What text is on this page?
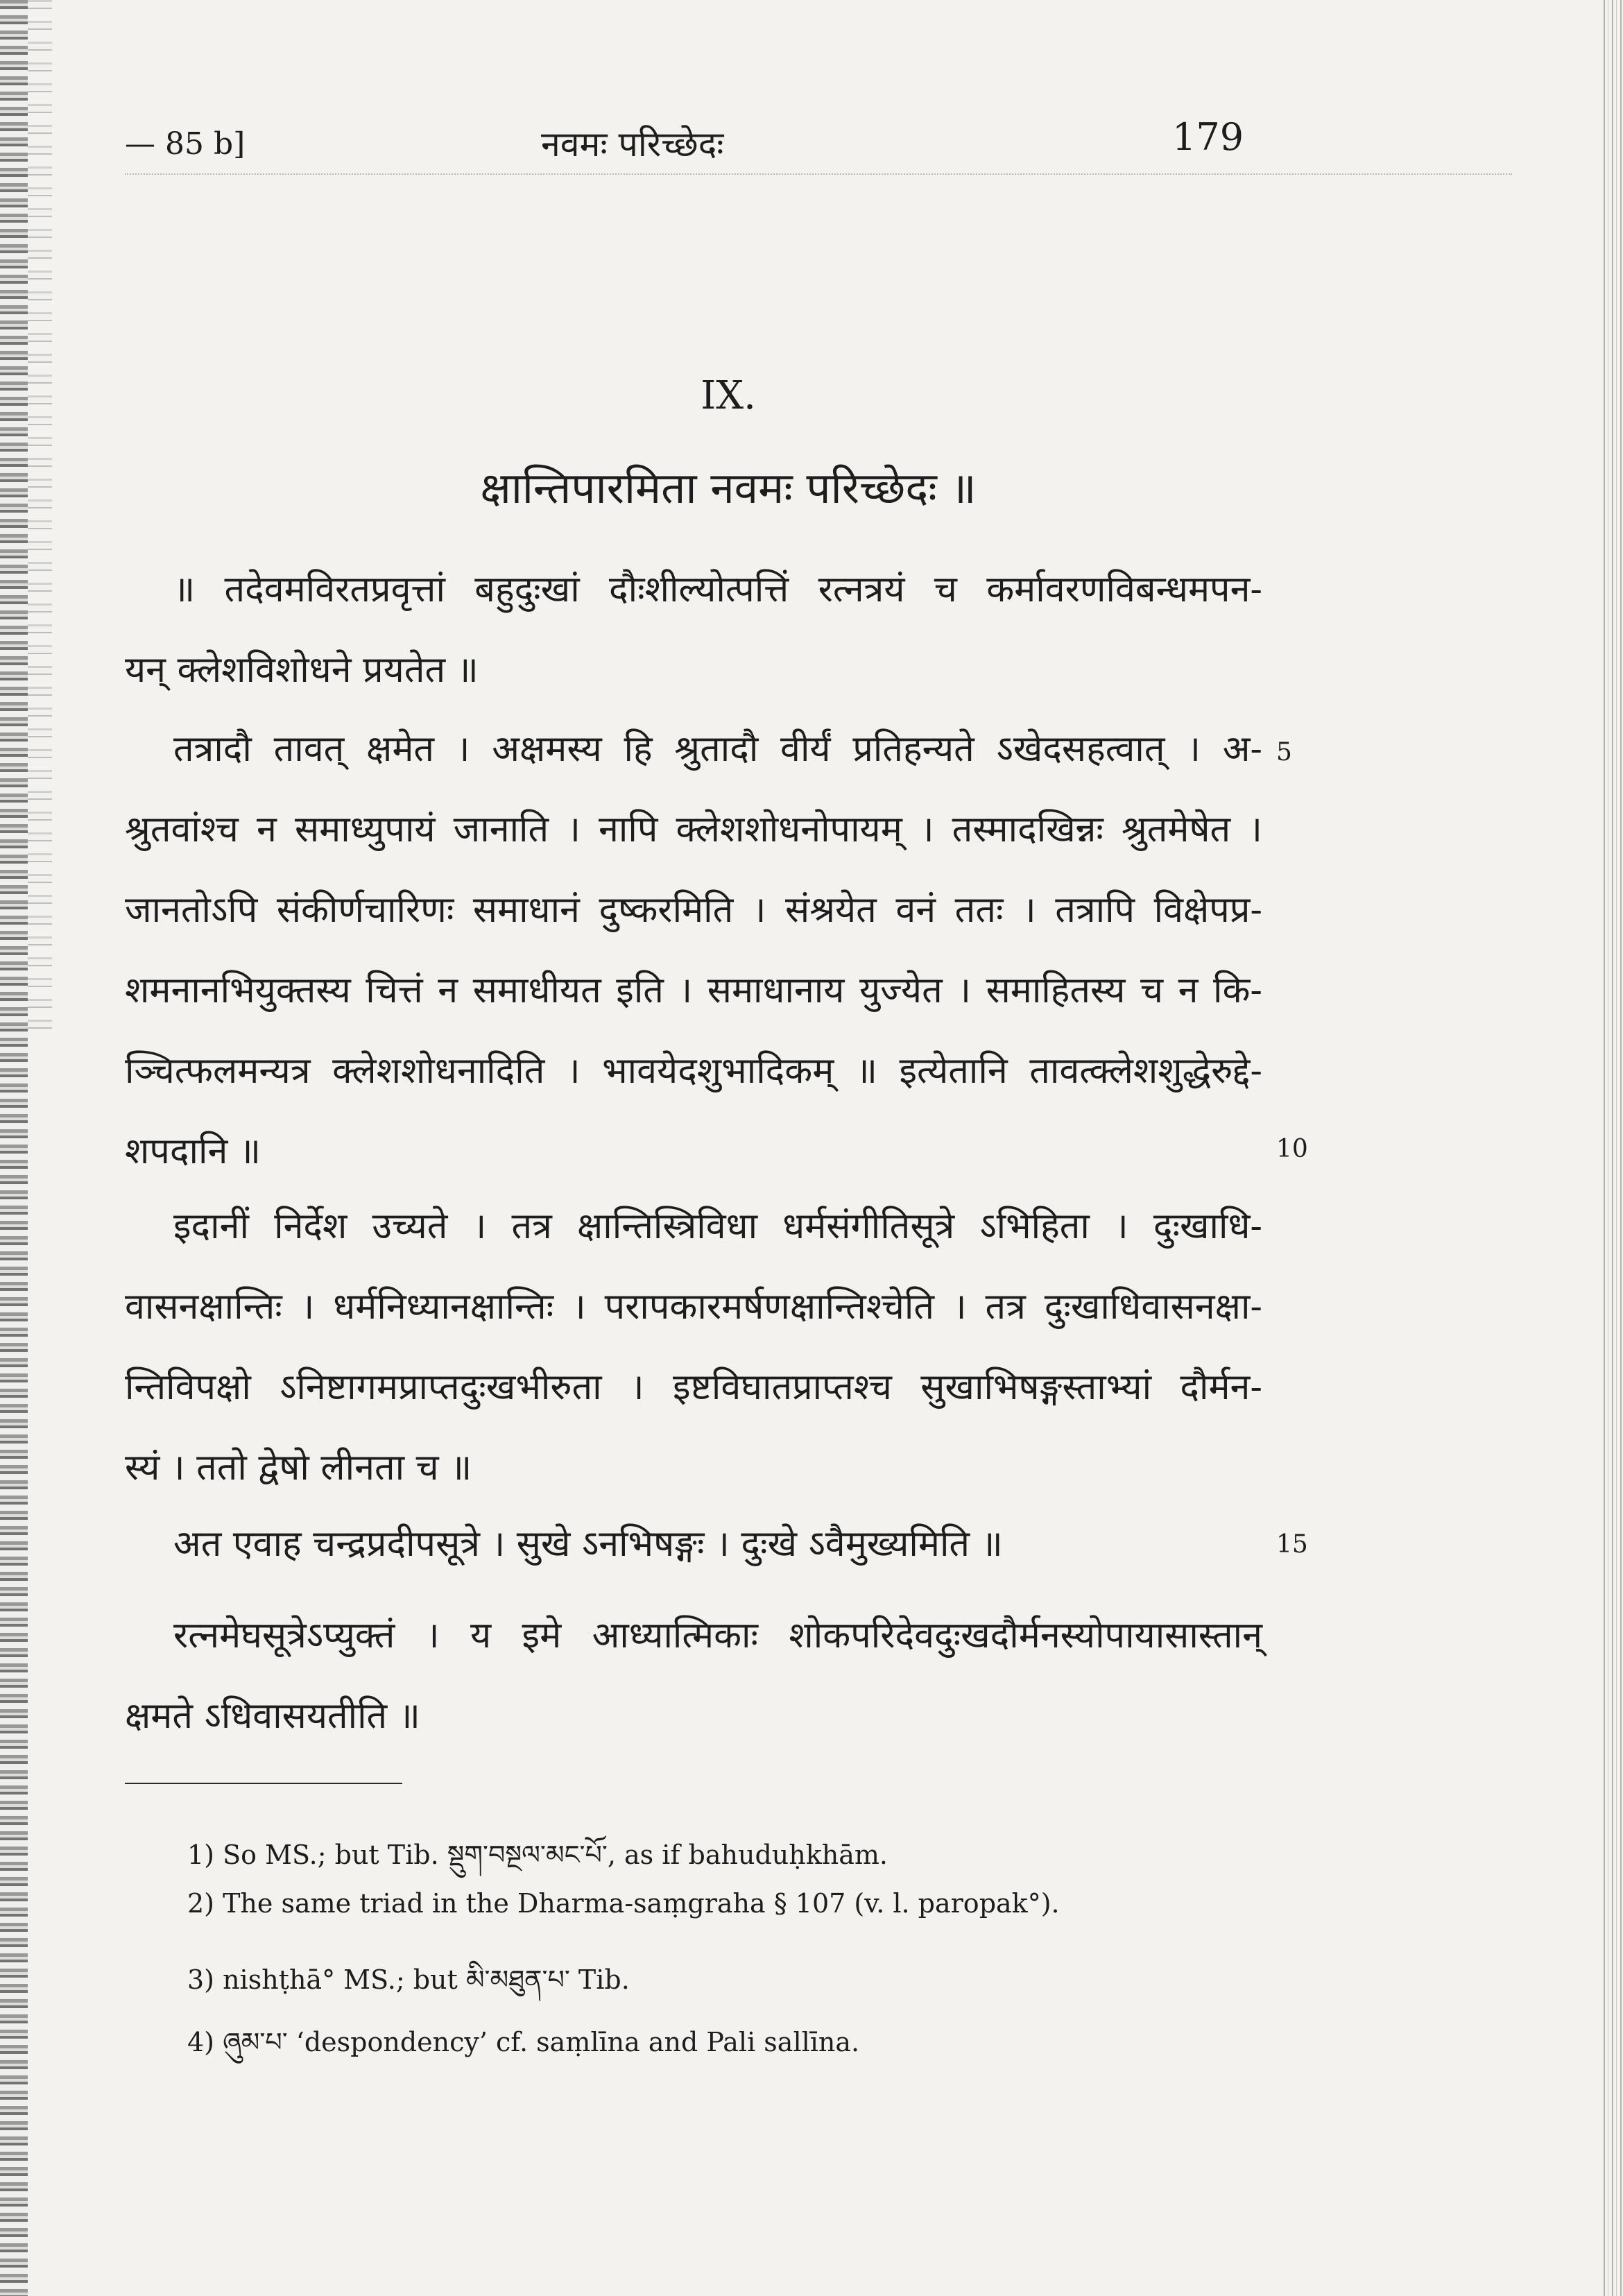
— 85 b]	नवमः परिच्छेदः	179
IX.
क्षान्तिपारमिता नवमः परिच्छेदः ॥
॥ तदेवमविरतप्रवृत्तां बहुदुःखां दौःशील्योत्पत्तिं रत्नत्रयं च कर्मावरणविबन्धमपन-
यन् क्लेशविशोधने प्रयतेत ॥
तत्रादौ तावत् क्षमेत । अक्षमस्य हि श्रुतादौ वीर्यं प्रतिहन्यते ऽखेदसहत्वात् । अ-
श्रुतवांश्च न समाध्युपायं जानाति । नापि क्लेशशोधनोपायम् । तस्मादखिन्नः श्रुतमेषेत ।
जानतोऽपि संकीर्णचारिणः समाधानं दुष्करमिति । संश्रयेत वनं ततः । तत्रापि विक्षेपप्र-
शमनानभियुक्तस्य चित्तं न समाधीयत इति । समाधानाय युज्येत । समाहितस्य च न कि-
ञ्चित्फलमन्यत्र क्लेशशोधनादिति । भावयेदशुभादिकम् ॥ इत्येतानि तावत्क्लेशशुद्धेरुद्दे-
शपदानि ॥
इदानीं निर्देश उच्यते । तत्र क्षान्तिस्त्रिविधा धर्मसंगीतिसूत्रे ऽभिहिता । दुःखाधि-
वासनक्षान्तिः । धर्मनिध्यानक्षान्तिः । परापकारमर्षणक्षान्तिश्चेति । तत्र दुःखाधिवासनक्षा-
न्तिविपक्षो ऽनिष्टागमप्राप्तदुःखभीरुता । इष्टविघातप्राप्तश्च सुखाभिषङ्गस्ताभ्यां दौर्मन-
स्यं । ततो द्वेषो लीनता च ॥
अत एवाह चन्द्रप्रदीपसूत्रे । सुखे ऽनभिषङ्गः । दुःखे ऽवैमुख्यमिति ॥
रत्नमेघसूत्रेऽप्युक्तं । य इमे आध्यात्मिकाः शोकपरिदेवदुःखदौर्मनस्योपायासास्तान्
क्षमते ऽधिवासयतीति ॥
5
10
15
1) So MS.; but Tib. སྡུག་བསྔལ་མང་པོ་, as if bahuduḥkhām.
2) The same triad in the Dharma-saṃgraha § 107 (v. l. paropak°).
3) nishṭhā° MS.; but མི་མཐུན་པ་ Tib.
4) ཞུམ་པ་ ‘despondency’ cf. saṃlīna and Pali sallīna.
